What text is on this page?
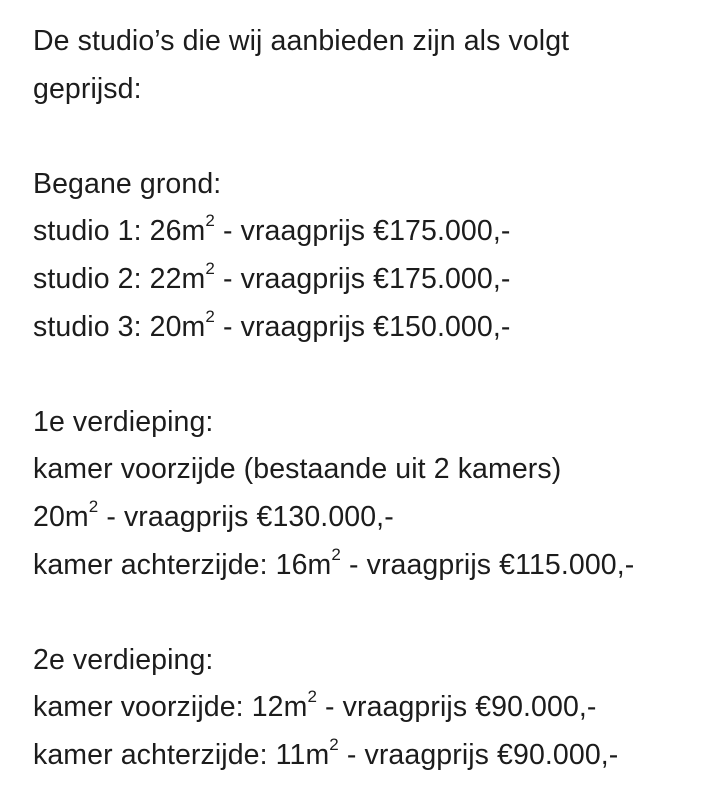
De studio’s die wij aanbieden zijn als volgt
geprijsd:
Begane grond:
studio 1: $26m^2$ - vraagprijs €175.000,-
studio 2: $22m^2$ - vraagprijs €175.000,-
studio 3: $20m^2$ - vraagprijs €150.000,-
1e verdieping:
kamer voorzijde (bestaande uit 2 kamers)
$20m^2$ - vraagprijs €130.000,-
kamer achterzijde: $16m^2$ - vraagprijs €115.000,-
2e verdieping:
kamer voorzijde: $12m^2$ - vraagprijs €90.000,-
kamer achterzijde: $11m^2$ - vraagprijs €90.000,-
